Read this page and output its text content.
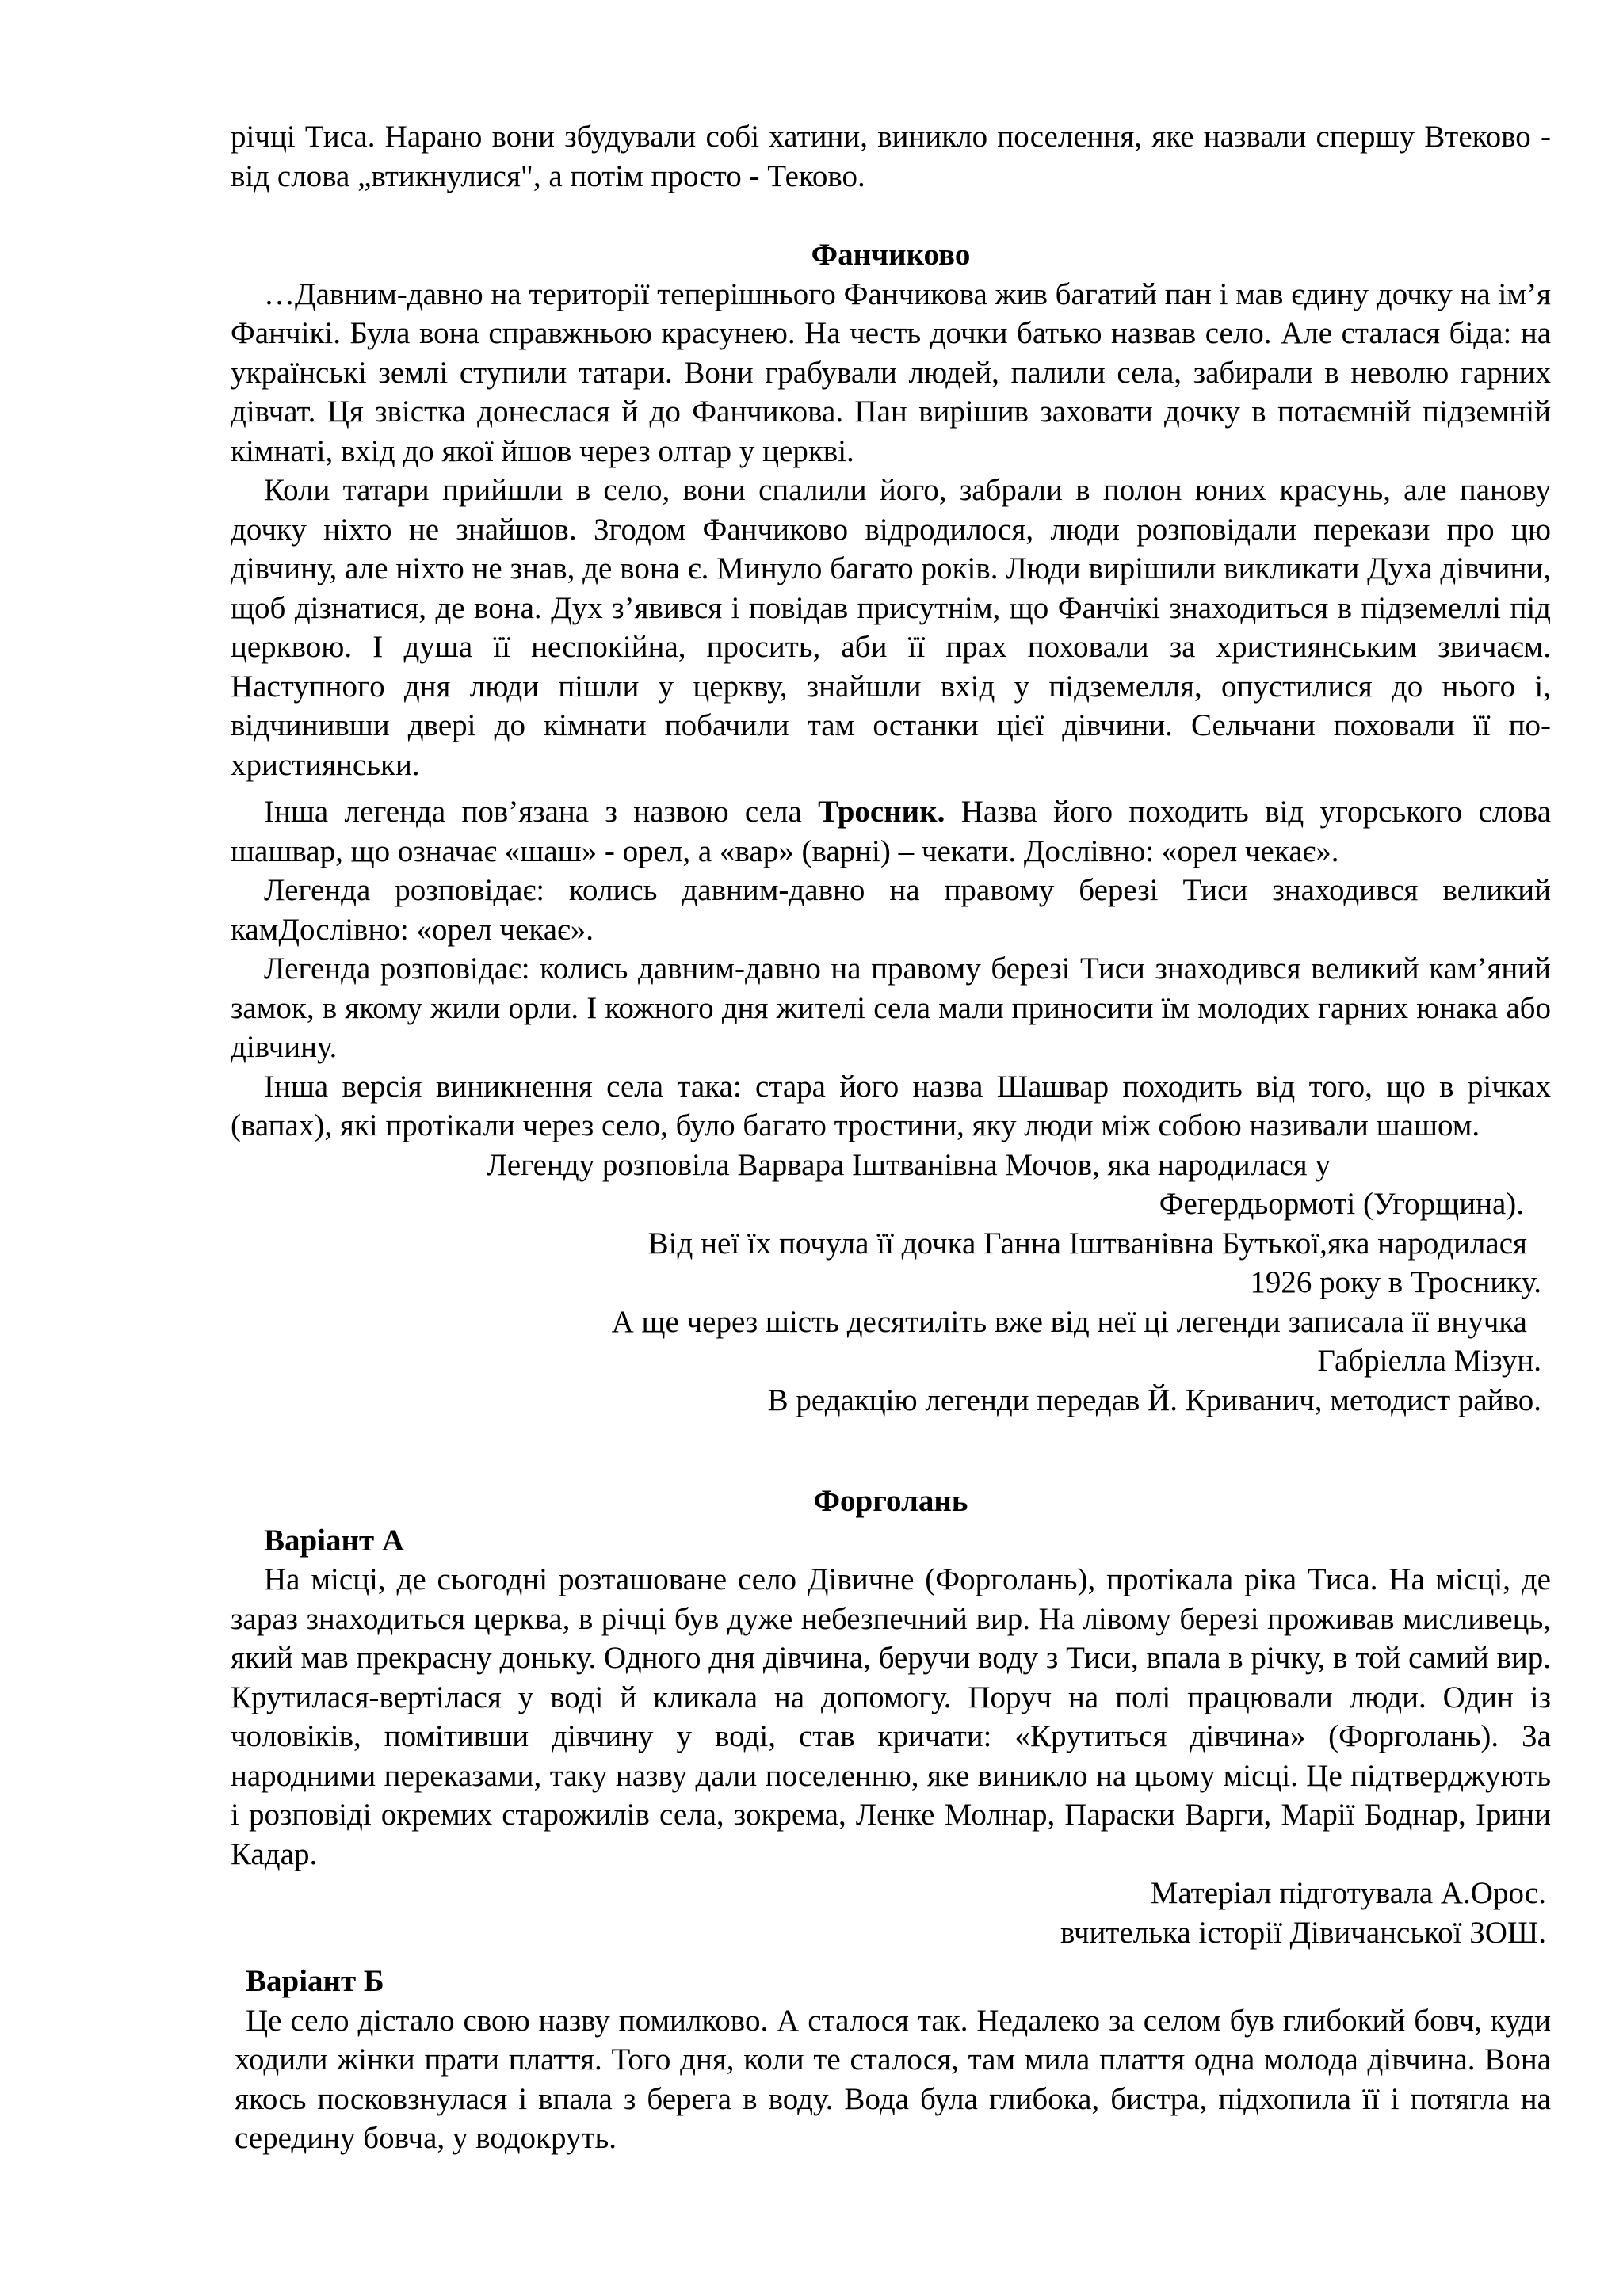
річці Тиса. Нарано вони збудували собі хатини, виникло поселення, яке назвали спершу Втеково - від слова „втикнулися", а потім просто - Теково.

Фанчиково

…Давним-давно на території теперішнього Фанчикова жив багатий пан і мав єдину дочку на ім’я Фанчікі. Була вона справжньою красунею. На честь дочки батько назвав село. Але сталася біда: на українські землі ступили татари. Вони грабували людей, палили села, забирали в неволю гарних дівчат. Ця звістка донеслася й до Фанчикова. Пан вирішив заховати дочку в потаємній підземній кімнаті, вхід до якої йшов через олтар у церкві.

Коли татари прийшли в село, вони спалили його, забрали в полон юних красунь, але панову дочку ніхто не знайшов. Згодом Фанчиково відродилося, люди розповідали перекази про цю дівчину, але ніхто не знав, де вона є. Минуло багато років. Люди вирішили викликати Духа дівчини, щоб дізнатися, де вона. Дух з’явився і повідав присутнім, що Фанчікі знаходиться в підземеллі під церквою. І душа її неспокійна, просить, аби її прах поховали за християнським звичаєм. Наступного дня люди пішли у церкву, знайшли вхід у підземелля, опустилися до нього і, відчинивши двері до кімнати побачили там останки цієї дівчини. Сельчани поховали її по-християнськи.

Інша легенда пов’язана з назвою села Тросник. Назва його походить від угорського слова шашвар, що означає «шаш» - орел, а «вар» (варні) – чекати. Дослівно: «орел чекає».

Легенда розповідає: колись давним-давно на правому березі Тиси знаходився великий камДослівно: «орел чекає».

Легенда розповідає: колись давним-давно на правому березі Тиси знаходився великий кам’яний замок, в якому жили орли. І кожного дня жителі села мали приносити їм молодих гарних юнака або дівчину.

Інша версія виникнення села така: стара його назва Шашвар походить від того, що в річках (вапах), які протікали через село, було багато тростини, яку люди між собою називали шашом.

Легенду розповіла Варвара Іштванівна Мочов, яка народилася у

Фегердьормоті (Угорщина).

Від неї їх почула її дочка Ганна Іштванівна Бутької,яка народилася

1926 року в Троснику.

А ще через шість десятиліть вже від неї ці легенди записала її внучка

Габріелла Мізун.

В редакцію легенди передав Й. Криванич, методист райво.

Форголань

Варіант А

На місці, де сьогодні розташоване село Дівичне (Форголань), протікала ріка Тиса. На місці, де зараз знаходиться церква, в річці був дуже небезпечний вир. На лівому березі проживав мисливець, який мав прекрасну доньку. Одного дня дівчина, беручи воду з Тиси, впала в річку, в той самий вир. Крутилася-вертілася у воді й кликала на допомогу. Поруч на полі працювали люди. Один із чоловіків, помітивши дівчину у воді, став кричати: «Крутиться дівчина» (Форголань). За народними переказами, таку назву дали поселенню, яке виникло на цьому місці. Це підтверджують і розповіді окремих старожилів села, зокрема, Ленке Молнар, Параски Варги, Марії Боднар, Ірини Кадар.

Матеріал підготувала А.Орос.

вчителька історії Дівичанської ЗОШ.

Варіант Б

Це село дістало свою назву помилково. А сталося так. Недалеко за селом був глибокий бовч, куди ходили жінки прати плаття. Того дня, коли те сталося, там мила плаття одна молода дівчина. Вона якось посковзнулася і впала з берега в воду. Вода була глибока, бистра, підхопила її і потягла на середину бовча, у водокруть.
